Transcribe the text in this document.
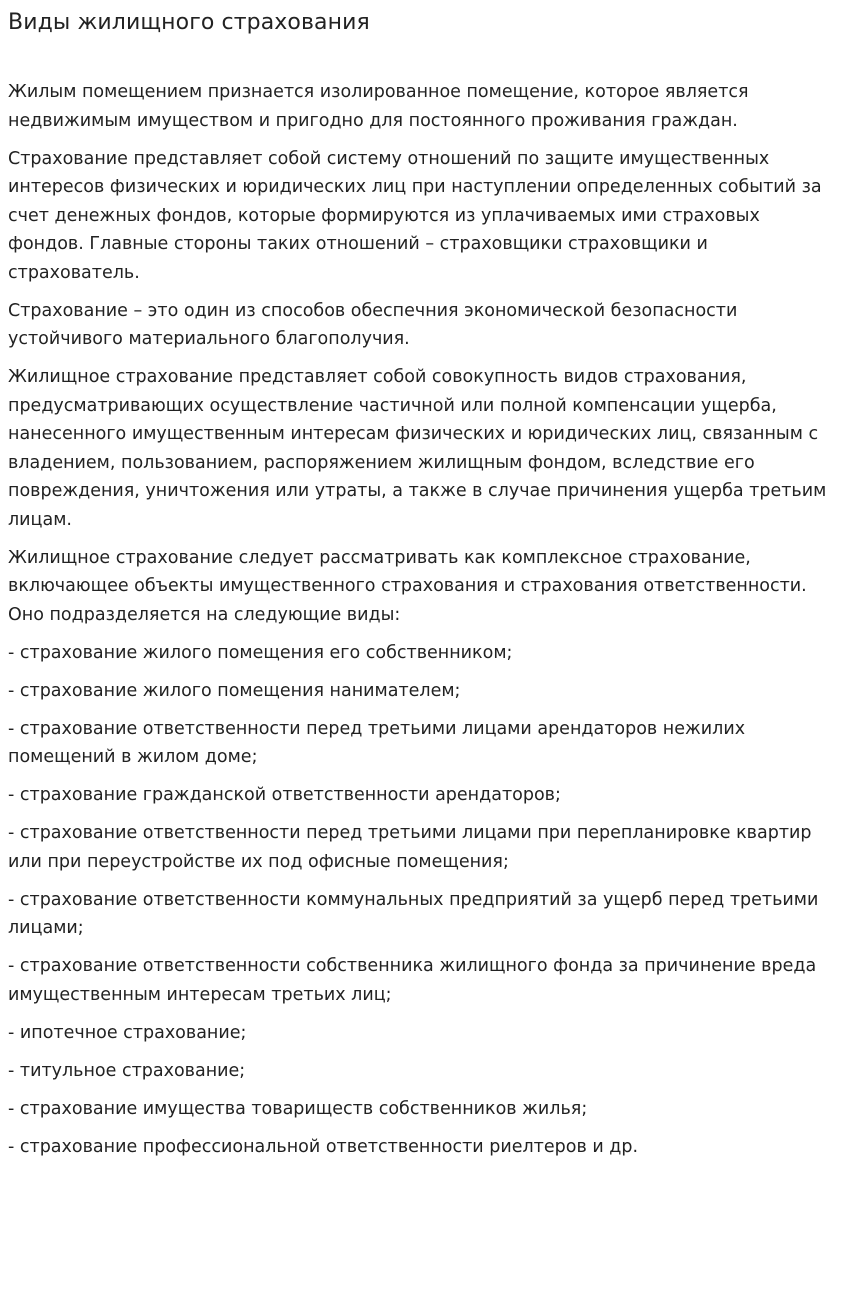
Виды жилищного страхования

Жилым помещением признается изолированное помещение, которое является недвижимым имуществом и пригодно для постоянного проживания граждан.

Страхование представляет собой систему отношений по защите имущественных интересов физических и юридических лиц при наступлении определенных событий за счет денежных фондов, которые формируются из уплачиваемых ими страховых фондов. Главные стороны таких отношений – страховщики страховщики и страхователь.

Страхование – это один из способов обеспечния экономической безопасности устойчивого материального благополучия.

Жилищное страхование представляет собой совокупность видов страхования, предусматривающих осуществление частичной или полной компенсации ущерба, нанесенного имущественным интересам физических и юридических лиц, связанным с владением, пользованием, распоряжением жилищным фондом, вследствие его повреждения, уничтожения или утраты, а также в случае причинения ущерба третьим лицам.

Жилищное страхование следует рассматривать как комплексное страхование, включающее объекты имущественного страхования и страхования ответственности. Оно подразделяется на следующие виды:

- страхование жилого помещения его собственником;

- страхование жилого помещения нанимателем;

- страхование ответственности перед третьими лицами арендаторов нежилих помещений в жилом доме;

- страхование гражданской ответственности арендаторов;

- страхование ответственности перед третьими лицами при перепланировке квартир или при переустройстве их под офисные помещения;

- страхование ответственности коммунальных предприятий за ущерб перед третьими лицами;

- страхование ответственности собственника жилищного фонда за причинение вреда имущественным интересам третьих лиц;

- ипотечное страхование;

- титульное страхование;

- страхование имущества товариществ собственников жилья;

- страхование профессиональной ответственности риелтеров и др.
